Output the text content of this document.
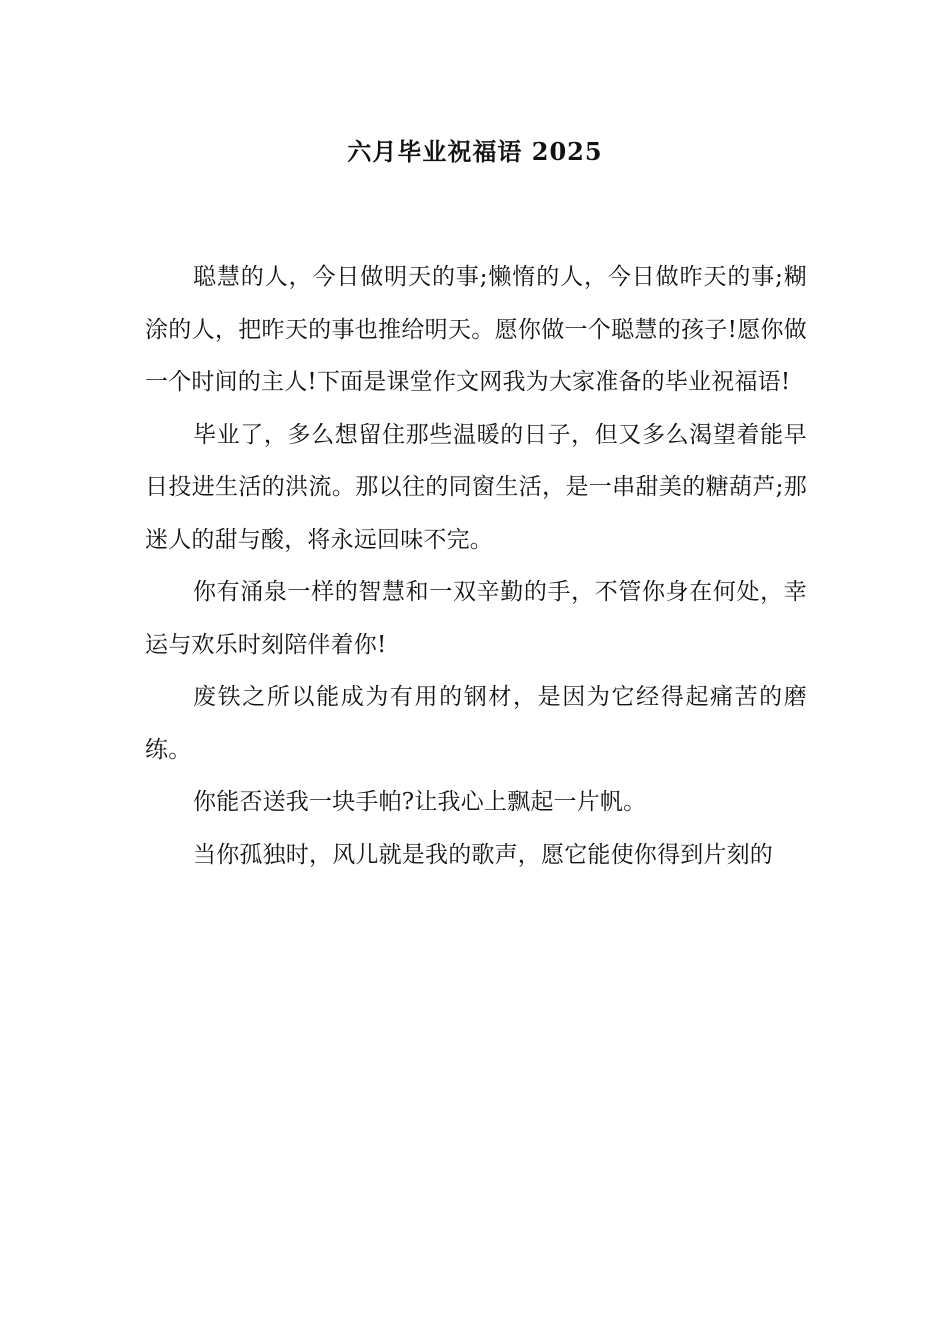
六月毕业祝福语 2025

聪慧的人，今日做明天的事;懒惰的人，今日做昨天的事;糊涂的人，把昨天的事也推给明天。愿你做一个聪慧的孩子!愿你做一个时间的主人!下面是课堂作文网我为大家准备的毕业祝福语!

毕业了，多么想留住那些温暖的日子，但又多么渴望着能早日投进生活的洪流。那以往的同窗生活，是一串甜美的糖葫芦;那迷人的甜与酸，将永远回味不完。

你有涌泉一样的智慧和一双辛勤的手，不管你身在何处，幸运与欢乐时刻陪伴着你!

废铁之所以能成为有用的钢材，是因为它经得起痛苦的磨练。

你能否送我一块手帕?让我心上飘起一片帆。

当你孤独时，风儿就是我的歌声，愿它能使你得到片刻的
